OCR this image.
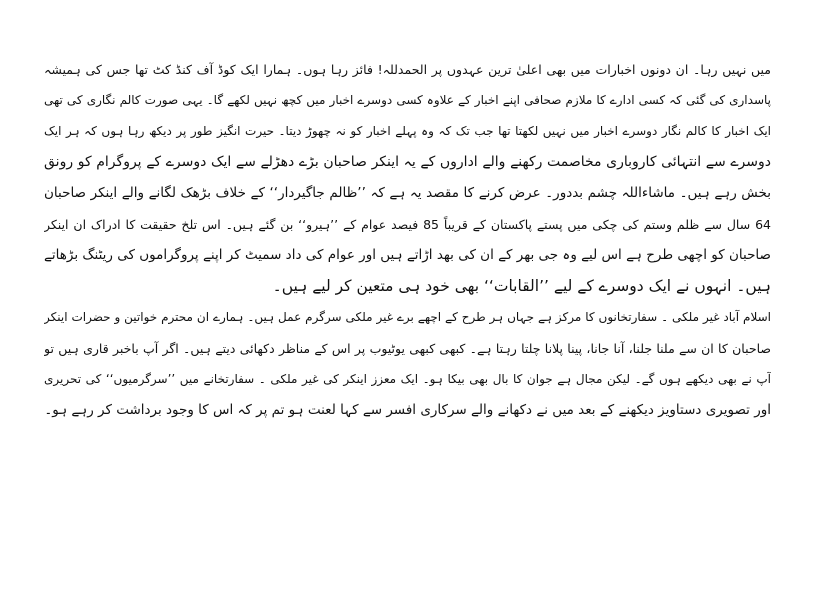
میں نہیں رہا۔ ان دونوں اخبارات میں بھی اعلیٰ ترین عہدوں پر الحمدللہ! فائز رہا ہوں۔ ہمارا ایک کوڈ آف کنڈ کٹ تھا جس کی ہمیشہ
پاسداری کی گئی کہ کسی ادارے کا ملازم صحافی اپنے اخبار کے علاوہ کسی دوسرے اخبار میں کچھ نہیں لکھے گا۔ یہی صورت کالم نگاری کی تھی
ایک اخبار کا کالم نگار دوسرے اخبار میں نہیں لکھتا تھا جب تک کہ وہ پہلے اخبار کو نہ چھوڑ دیتا۔ حیرت انگیز طور پر دیکھ رہا ہوں کہ ہر ایک
دوسرے سے انتہائی کاروباری مخاصمت رکھنے والے اداروں کے یہ اینکر صاحبان بڑے دھڑلے سے ایک دوسرے کے پروگرام کو رونق
بخش رہے ہیں۔ ماشاءاللہ چشم بددور۔ عرض کرنے کا مقصد یہ ہے کہ ’’ظالم جاگیردار‘‘ کے خلاف بڑھک لگانے والے اینکر صاحبان
64 سال سے ظلم وستم کی چکی میں پستے پاکستان کے قریباً 85 فیصد عوام کے ’’ہیرو‘‘ بن گئے ہیں۔ اس تلخ حقیقت کا ادراک ان اینکر
صاحبان کو اچھی طرح ہے اس لیے وہ جی بھر کے ان کی بھد اڑاتے ہیں اور عوام کی داد سمیٹ کر اپنے پروگراموں کی ریٹنگ بڑھاتے
ہیں۔ انہوں نے ایک دوسرے کے لیے ’’القابات‘‘ بھی خود ہی متعین کر لیے ہیں۔
اسلام آباد غیر ملکی ۔ سفارتخانوں کا مرکز ہے جہاں ہر طرح کے اچھے برے غیر ملکی سرگرم عمل ہیں۔ ہمارے ان محترم خواتین و حضرات اینکر
صاحبان کا ان سے ملنا جلنا، آنا جانا، پینا پلانا چلتا رہتا ہے۔ کبھی کبھی یوٹیوب پر اس کے مناظر دکھائی دیتے ہیں۔ اگر آپ باخبر قاری ہیں تو
آپ نے بھی دیکھے ہوں گے۔ لیکن مجال ہے جوان کا بال بھی بیکا ہو۔ ایک معزز اینکر کی غیر ملکی ۔ سفارتخانے میں ’’سرگرمیوں‘‘ کی تحریری
اور تصویری دستاویز دیکھنے کے بعد میں نے دکھانے والے سرکاری افسر سے کہا لعنت ہو تم پر کہ اس کا وجود برداشت کر رہے ہو۔
